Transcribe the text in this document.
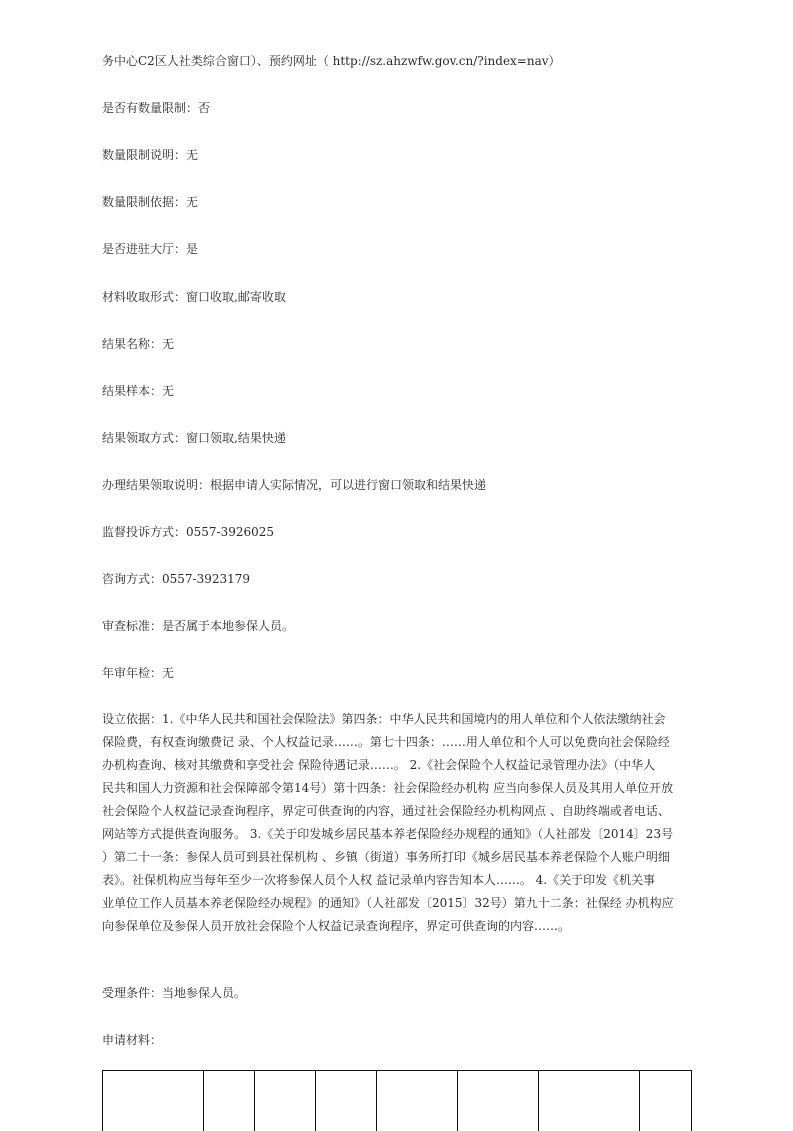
务中心C2区人社类综合窗口）、预约网址（ http://sz.ahzwfw.gov.cn/?index=nav）
是否有数量限制：否
数量限制说明：无
数量限制依据：无
是否进驻大厅：是
材料收取形式：窗口收取,邮寄收取
结果名称：无
结果样本：无
结果领取方式：窗口领取,结果快递
办理结果领取说明：根据申请人实际情况，可以进行窗口领取和结果快递
监督投诉方式：0557-3926025
咨询方式：0557-3923179
审查标准：是否属于本地参保人员。
年审年检：无
设立依据：1.《中华人民共和国社会保险法》第四条：中华人民共和国境内的用人单位和个人依法缴纳社会
保险费，有权查询缴费记 录、个人权益记录……。第七十四条：……用人单位和个人可以免费向社会保险经
办机构查询、核对其缴费和享受社会 保险待遇记录……。 2.《社会保险个人权益记录管理办法》（中华人
民共和国人力资源和社会保障部令第14号）第十四条：社会保险经办机构 应当向参保人员及其用人单位开放
社会保险个人权益记录查询程序，界定可供查询的内容，通过社会保险经办机构网点 、自助终端或者电话、
网站等方式提供查询服务。 3.《关于印发城乡居民基本养老保险经办规程的通知》（人社部发〔2014〕23号
）第二十一条：参保人员可到县社保机构 、乡镇（街道）事务所打印《城乡居民基本养老保险个人账户明细
表》。社保机构应当每年至少一次将参保人员个人权 益记录单内容告知本人……。 4.《关于印发《机关事
业单位工作人员基本养老保险经办规程》的通知》（人社部发〔2015〕32号）第九十二条：社保经 办机构应
向参保单位及参保人员开放社会保险个人权益记录查询程序，界定可供查询的内容……。
受理条件：当地参保人员。
申请材料：
